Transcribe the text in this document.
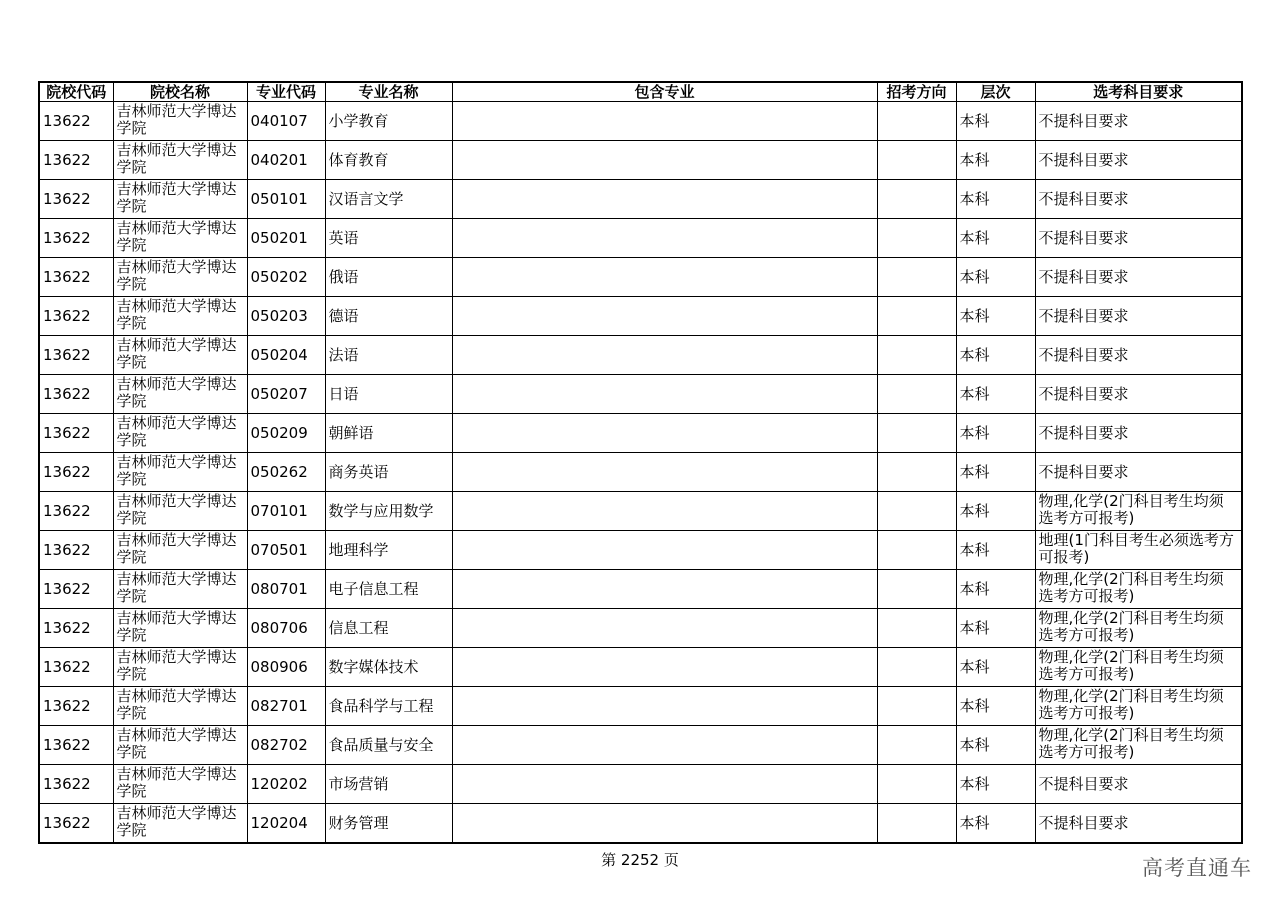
院校代码	院校名称	专业代码	专业名称	包含专业	招考方向	层次	选考科目要求
13622	吉林师范大学博达学院	040107	小学教育			本科	不提科目要求
13622	吉林师范大学博达学院	040201	体育教育			本科	不提科目要求
13622	吉林师范大学博达学院	050101	汉语言文学			本科	不提科目要求
13622	吉林师范大学博达学院	050201	英语			本科	不提科目要求
13622	吉林师范大学博达学院	050202	俄语			本科	不提科目要求
13622	吉林师范大学博达学院	050203	德语			本科	不提科目要求
13622	吉林师范大学博达学院	050204	法语			本科	不提科目要求
13622	吉林师范大学博达学院	050207	日语			本科	不提科目要求
13622	吉林师范大学博达学院	050209	朝鲜语			本科	不提科目要求
13622	吉林师范大学博达学院	050262	商务英语			本科	不提科目要求
13622	吉林师范大学博达学院	070101	数学与应用数学			本科	物理,化学(2门科目考生均须选考方可报考)
13622	吉林师范大学博达学院	070501	地理科学			本科	地理(1门科目考生必须选考方可报考)
13622	吉林师范大学博达学院	080701	电子信息工程			本科	物理,化学(2门科目考生均须选考方可报考)
13622	吉林师范大学博达学院	080706	信息工程			本科	物理,化学(2门科目考生均须选考方可报考)
13622	吉林师范大学博达学院	080906	数字媒体技术			本科	物理,化学(2门科目考生均须选考方可报考)
13622	吉林师范大学博达学院	082701	食品科学与工程			本科	物理,化学(2门科目考生均须选考方可报考)
13622	吉林师范大学博达学院	082702	食品质量与安全			本科	物理,化学(2门科目考生均须选考方可报考)
13622	吉林师范大学博达学院	120202	市场营销			本科	不提科目要求
13622	吉林师范大学博达学院	120204	财务管理			本科	不提科目要求
第 2252 页	高考直通车
